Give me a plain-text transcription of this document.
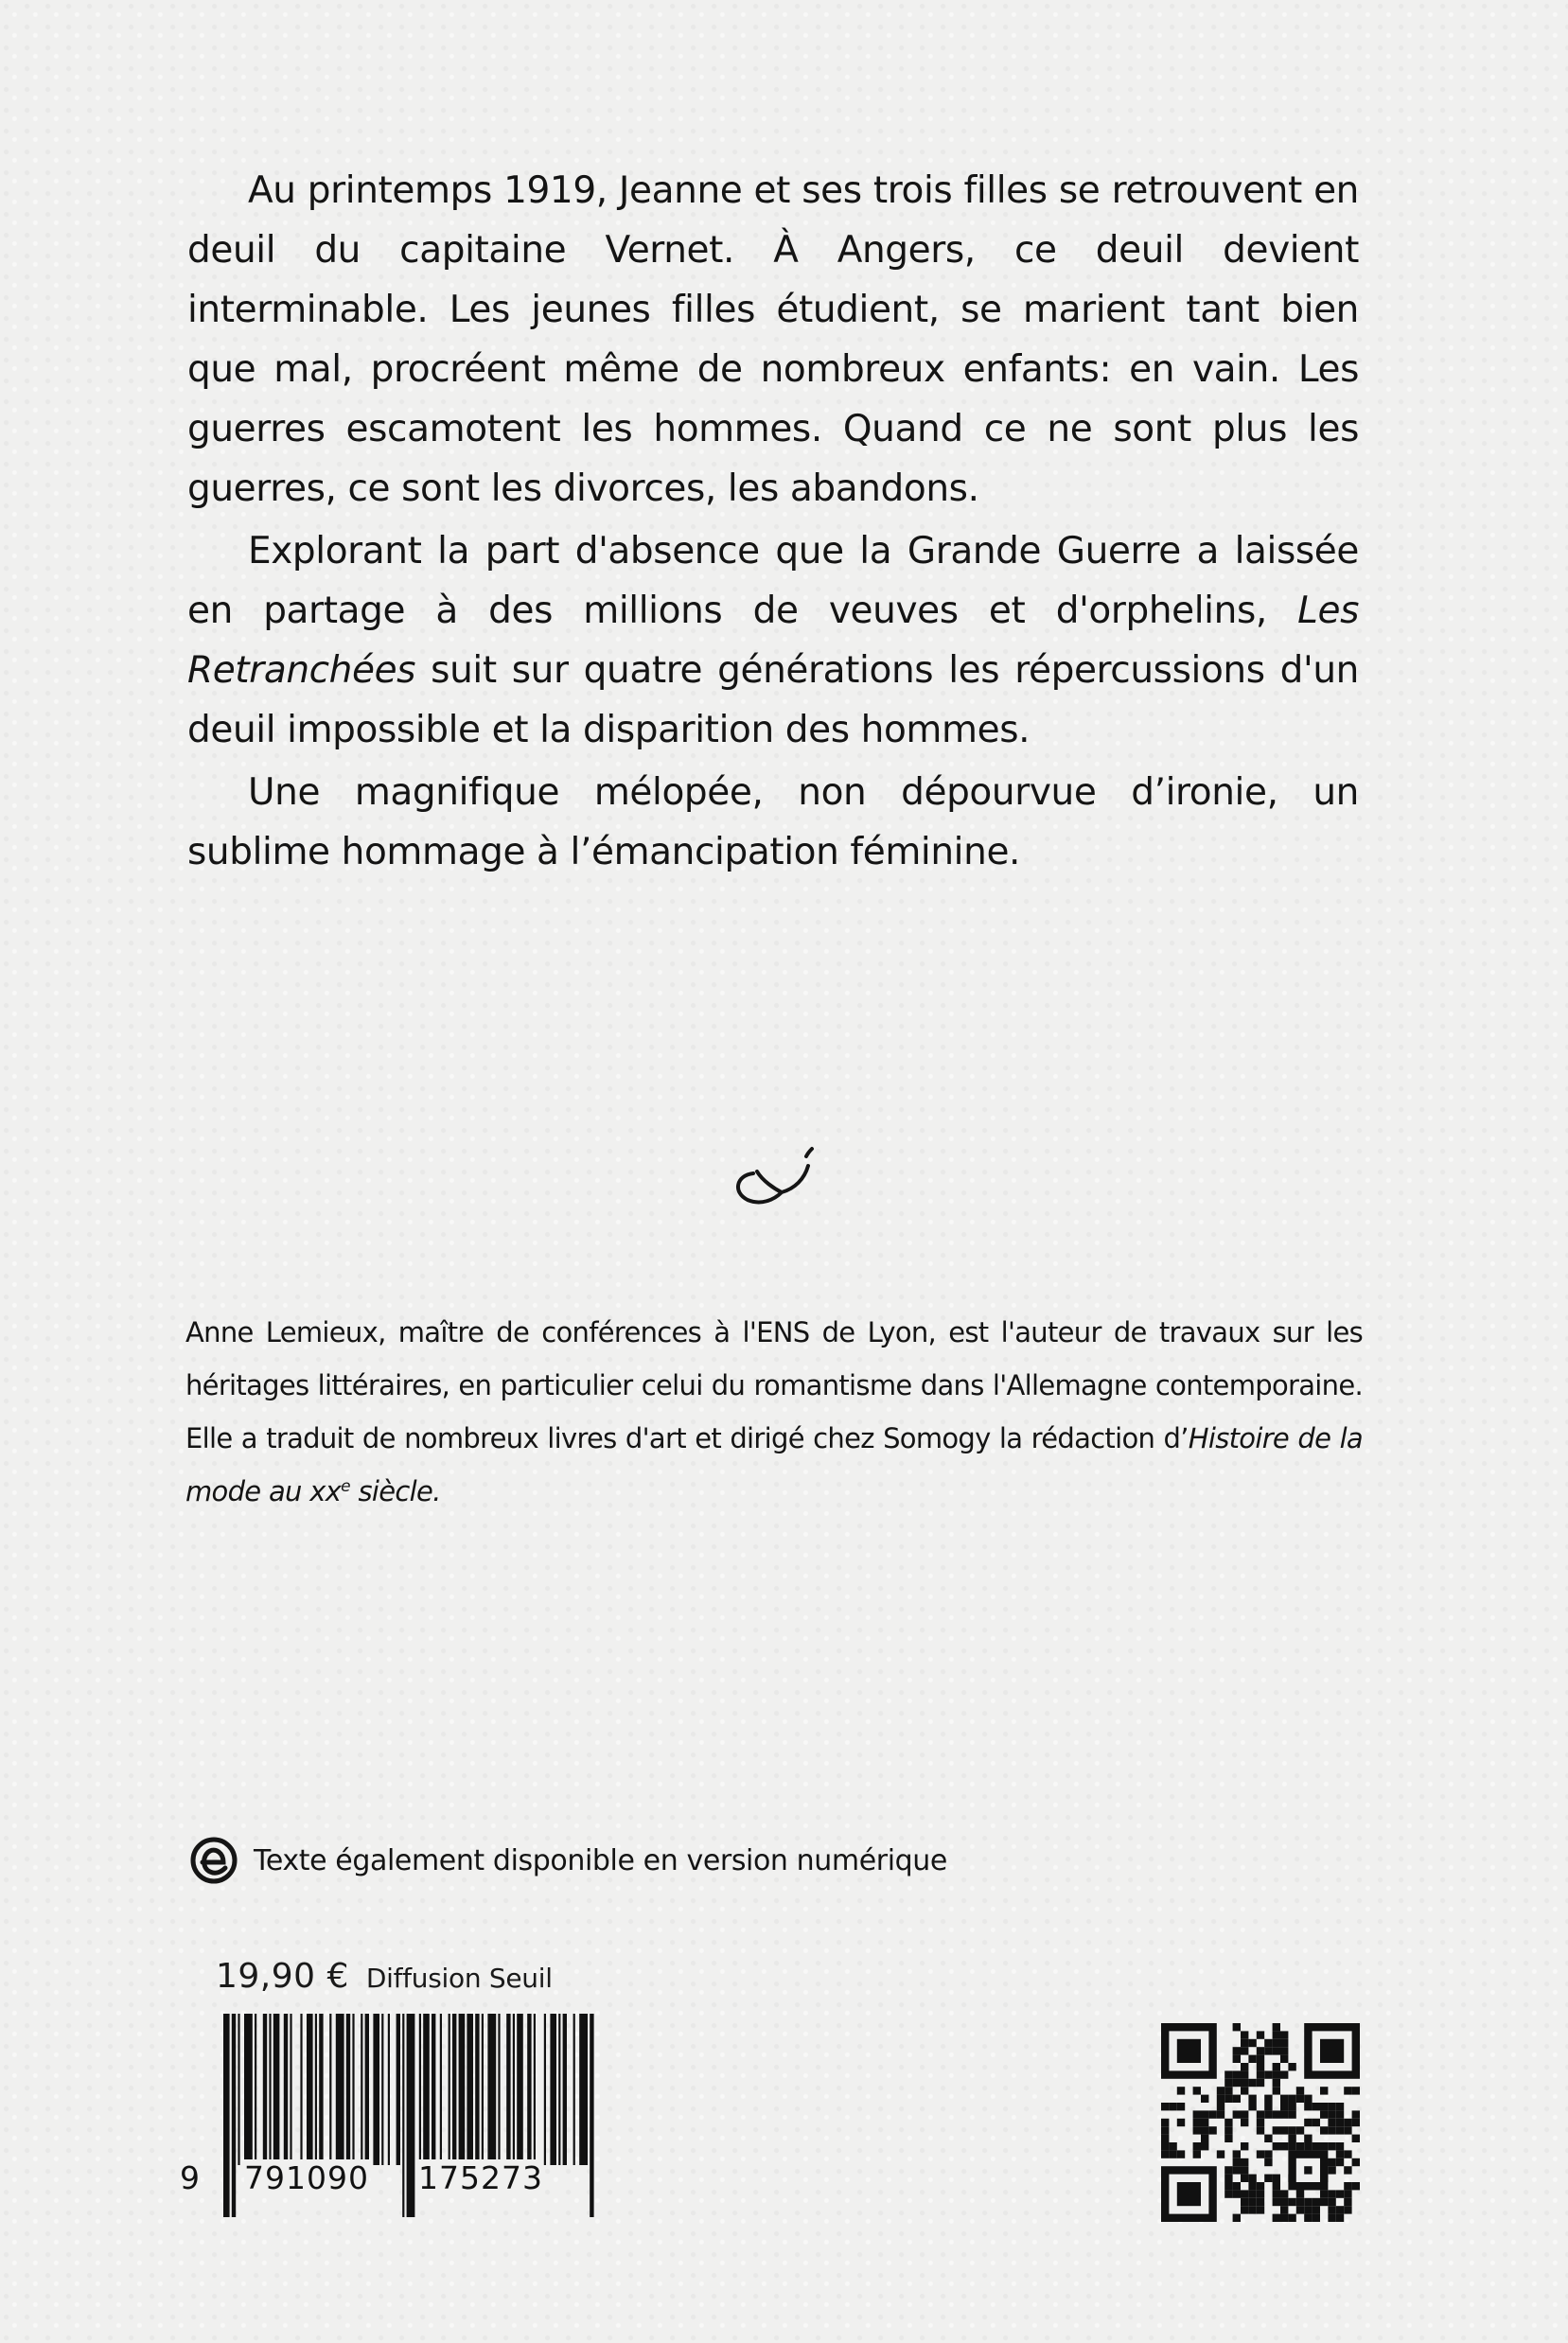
Au printemps 1919, Jeanne et ses trois filles se retrouvent en deuil du capitaine Vernet. À Angers, ce deuil devient interminable. Les jeunes filles étudient, se marient tant bien que mal, procréent même de nombreux enfants: en vain. Les guerres escamotent les hommes. Quand ce ne sont plus les guerres, ce sont les divorces, les abandons.

Explorant la part d'absence que la Grande Guerre a laissée en partage à des millions de veuves et d'orphelins, Les Retranchées suit sur quatre générations les répercussions d'un deuil impossible et la disparition des hommes.

Une magnifique mélopée, non dépourvue d’ironie, un sublime hommage à l’émancipation féminine.

Anne Lemieux, maître de conférences à l'ENS de Lyon, est l'auteur de travaux sur les héritages littéraires, en particulier celui du romantisme dans l'Allemagne contemporaine. Elle a traduit de nombreux livres d'art et dirigé chez Somogy la rédaction d’Histoire de la mode au $xx^e$ siècle.

Texte également disponible en version numérique
19,90 € Diffusion Seuil
9 791090 175273
